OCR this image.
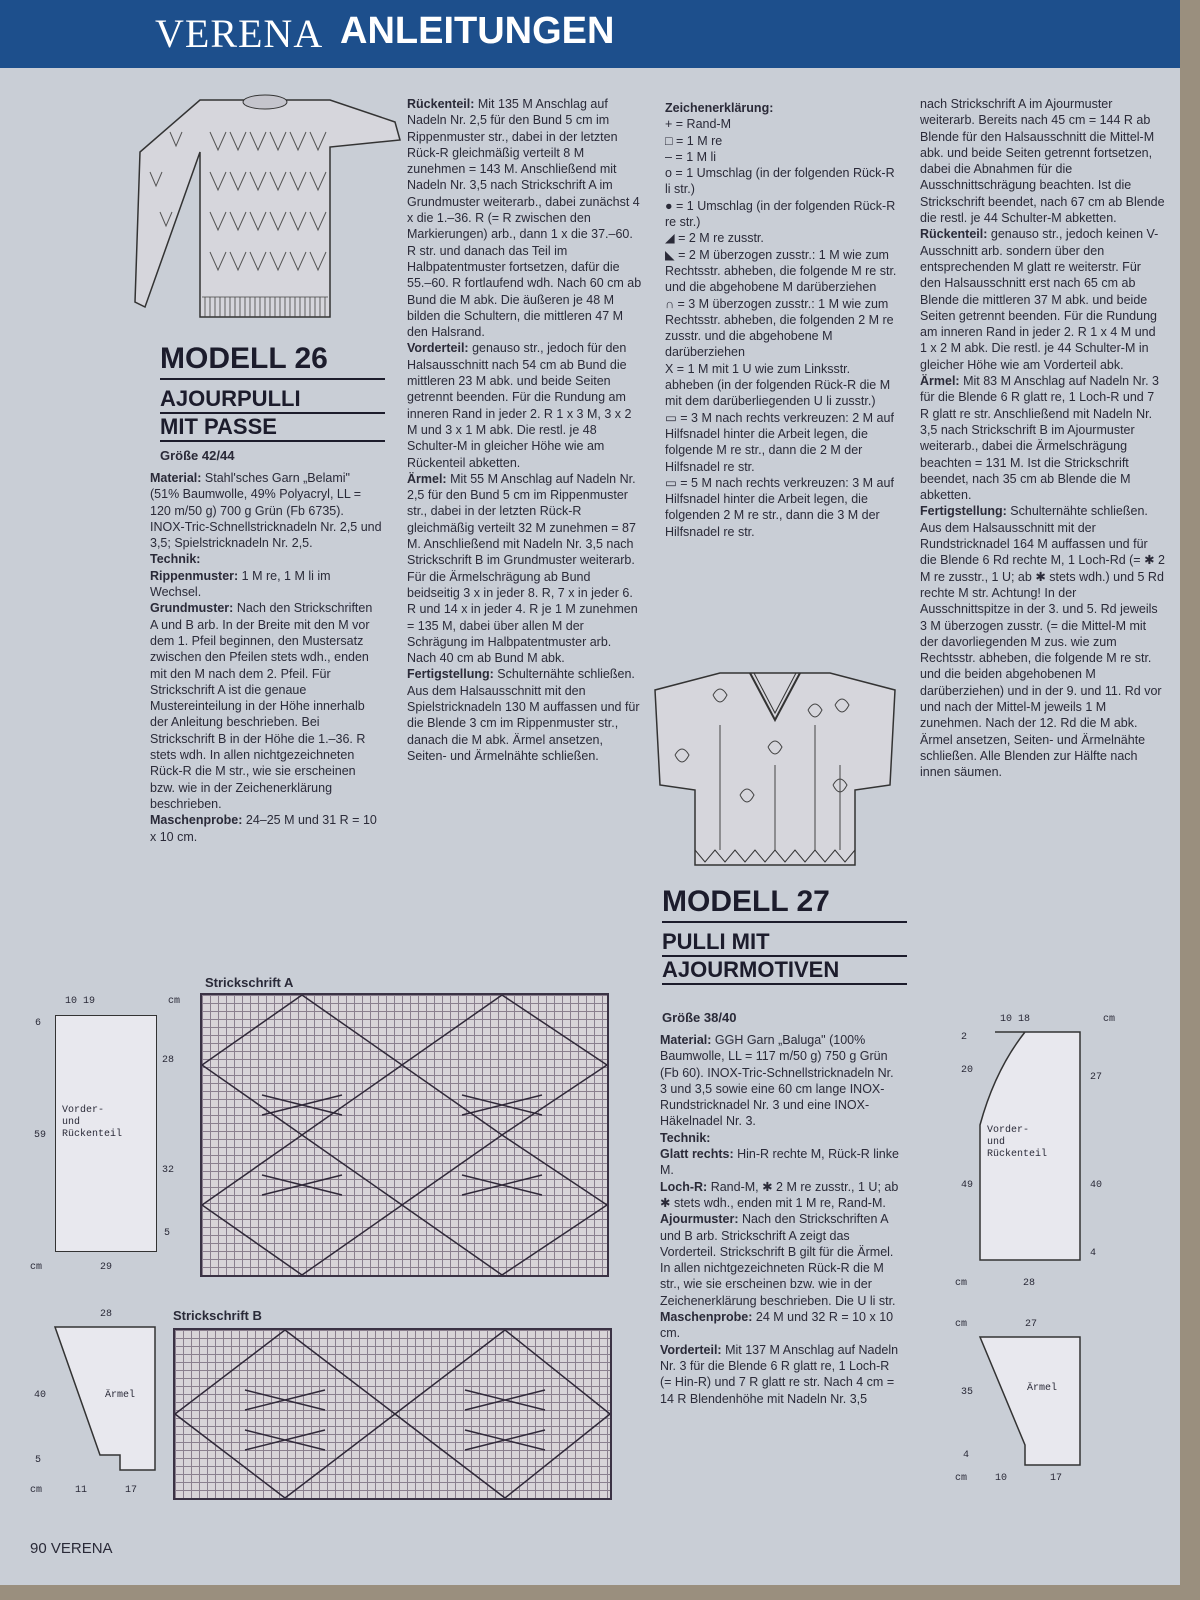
VERENA ANLEITUNGEN
MODELL 26
AJOURPULLI
MIT PASSE
Größe 42/44

Material: Stahl'sches Garn „Belami" (51% Baumwolle, 49% Polyacryl, LL = 120 m/50 g) 700 g Grün (Fb 6735). INOX-Tric-Schnellstricknadeln Nr. 2,5 und 3,5; Spielstricknadeln Nr. 2,5.

Technik:

Rippenmuster: 1 M re, 1 M li im Wechsel.

Grundmuster: Nach den Strickschriften A und B arb. In der Breite mit den M vor dem 1. Pfeil beginnen, den Mustersatz zwischen den Pfeilen stets wdh., enden mit den M nach dem 2. Pfeil. Für Strickschrift A ist die genaue Mustereinteilung in der Höhe innerhalb der Anleitung beschrieben. Bei Strickschrift B in der Höhe die 1.–36. R stets wdh. In allen nichtgezeichneten Rück-R die M str., wie sie erscheinen bzw. wie in der Zeichenerklärung beschrieben.

Maschenprobe: 24–25 M und 31 R = 10 x 10 cm.

Rückenteil: Mit 135 M Anschlag auf Nadeln Nr. 2,5 für den Bund 5 cm im Rippenmuster str., dabei in der letzten Rück-R gleichmäßig verteilt 8 M zunehmen = 143 M. Anschließend mit Nadeln Nr. 3,5 nach Strickschrift A im Grundmuster weiterarb., dabei zunächst 4 x die 1.–36. R (= R zwischen den Markierungen) arb., dann 1 x die 37.–60. R str. und danach das Teil im Halbpatentmuster fortsetzen, dafür die 55.–60. R fortlaufend wdh. Nach 60 cm ab Bund die M abk. Die äußeren je 48 M bilden die Schultern, die mittleren 47 M den Halsrand.

Vorderteil: genauso str., jedoch für den Halsausschnitt nach 54 cm ab Bund die mittleren 23 M abk. und beide Seiten getrennt beenden. Für die Rundung am inneren Rand in jeder 2. R 1 x 3 M, 3 x 2 M und 3 x 1 M abk. Die restl. je 48 Schulter-M in gleicher Höhe wie am Rückenteil abketten.

Ärmel: Mit 55 M Anschlag auf Nadeln Nr. 2,5 für den Bund 5 cm im Rippenmuster str., dabei in der letzten Rück-R gleichmäßig verteilt 32 M zunehmen = 87 M. Anschließend mit Nadeln Nr. 3,5 nach Strickschrift B im Grundmuster weiterarb. Für die Ärmelschrägung ab Bund beidseitig 3 x in jeder 8. R, 7 x in jeder 6. R und 14 x in jeder 4. R je 1 M zunehmen = 135 M, dabei über allen M der Schrägung im Halbpatentmuster arb. Nach 40 cm ab Bund M abk.

Fertigstellung: Schulternähte schließen. Aus dem Halsausschnitt mit den Spielstricknadeln 130 M auffassen und für die Blende 3 cm im Rippenmuster str., danach die M abk. Ärmel ansetzen, Seiten- und Ärmelnähte schließen.

Zeichenerklärung:

+ = Rand-M

□ = 1 M re

– = 1 M li

o = 1 Umschlag (in der folgenden Rück-R li str.)

● = 1 Umschlag (in der folgenden Rück-R re str.)

◢ = 2 M re zusstr.

◣ = 2 M überzogen zusstr.: 1 M wie zum Rechtsstr. abheben, die folgende M re str. und die abgehobene M darüberziehen

∩ = 3 M überzogen zusstr.: 1 M wie zum Rechtsstr. abheben, die folgenden 2 M re zusstr. und die abgehobene M darüberziehen

X = 1 M mit 1 U wie zum Linksstr. abheben (in der folgenden Rück-R die M mit dem darüberliegenden U li zusstr.)

▭ = 3 M nach rechts verkreuzen: 2 M auf Hilfsnadel hinter die Arbeit legen, die folgende M re str., dann die 2 M der Hilfsnadel re str.

▭ = 5 M nach rechts verkreuzen: 3 M auf Hilfsnadel hinter die Arbeit legen, die folgenden 2 M re str., dann die 3 M der Hilfsnadel re str.

MODELL 27
PULLI MIT
AJOURMOTIVEN
Größe 38/40

Material: GGH Garn „Baluga" (100% Baumwolle, LL = 117 m/50 g) 750 g Grün (Fb 60). INOX-Tric-Schnellstricknadeln Nr. 3 und 3,5 sowie eine 60 cm lange INOX-Rundstricknadel Nr. 3 und eine INOX-Häkelnadel Nr. 3.

Technik:

Glatt rechts: Hin-R rechte M, Rück-R linke M.

Loch-R: Rand-M, ✱ 2 M re zusstr., 1 U; ab ✱ stets wdh., enden mit 1 M re, Rand-M.

Ajourmuster: Nach den Strickschriften A und B arb. Strickschrift A zeigt das Vorderteil. Strickschrift B gilt für die Ärmel. In allen nichtgezeichneten Rück-R die M str., wie sie erscheinen bzw. wie in der Zeichenerklärung beschrieben. Die U li str.

Maschenprobe: 24 M und 32 R = 10 x 10 cm.

Vorderteil: Mit 137 M Anschlag auf Nadeln Nr. 3 für die Blende 6 R glatt re, 1 Loch-R (= Hin-R) und 7 R glatt re str. Nach 4 cm = 14 R Blendenhöhe mit Nadeln Nr. 3,5

nach Strickschrift A im Ajourmuster weiterarb. Bereits nach 45 cm = 144 R ab Blende für den Halsausschnitt die Mittel-M abk. und beide Seiten getrennt fortsetzen, dabei die Abnahmen für die Ausschnittschrägung beachten. Ist die Strickschrift beendet, nach 67 cm ab Blende die restl. je 44 Schulter-M abketten.

Rückenteil: genauso str., jedoch keinen V-Ausschnitt arb. sondern über den entsprechenden M glatt re weiterstr. Für den Halsausschnitt erst nach 65 cm ab Blende die mittleren 37 M abk. und beide Seiten getrennt beenden. Für die Rundung am inneren Rand in jeder 2. R 1 x 4 M und 1 x 2 M abk. Die restl. je 44 Schulter-M in gleicher Höhe wie am Vorderteil abk.

Ärmel: Mit 83 M Anschlag auf Nadeln Nr. 3 für die Blende 6 R glatt re, 1 Loch-R und 7 R glatt re str. Anschließend mit Nadeln Nr. 3,5 nach Strickschrift B im Ajourmuster weiterarb., dabei die Ärmelschrägung beachten = 131 M. Ist die Strickschrift beendet, nach 35 cm ab Blende die M abketten.

Fertigstellung: Schulternähte schließen. Aus dem Halsausschnitt mit der Rundstricknadel 164 M auffassen und für die Blende 6 Rd rechte M, 1 Loch-Rd (= ✱ 2 M re zusstr., 1 U; ab ✱ stets wdh.) und 5 Rd rechte M str. Achtung! In der Ausschnittspitze in der 3. und 5. Rd jeweils 3 M überzogen zusstr. (= die Mittel-M mit der davorliegenden M zus. wie zum Rechtsstr. abheben, die folgende M re str. und die beiden abgehobenen M darüberziehen) und in der 9. und 11. Rd vor und nach der Mittel-M jeweils 1 M zunehmen. Nach der 12. Rd die M abk. Ärmel ansetzen, Seiten- und Ärmelnähte schließen. Alle Blenden zur Hälfte nach innen säumen.

Strickschrift A
Strickschrift B
10 19	cm
6
59
28
32
5
Vorder-
und
Rückenteil
cm	29
28
40	Ärmel
5
cm	11	17
10 18	cm
2
20
49
27
40
4
Vorder-
und
Rückenteil
cm	28
27
cm
35	Ärmel
4
cm	10	17
90 VERENA
